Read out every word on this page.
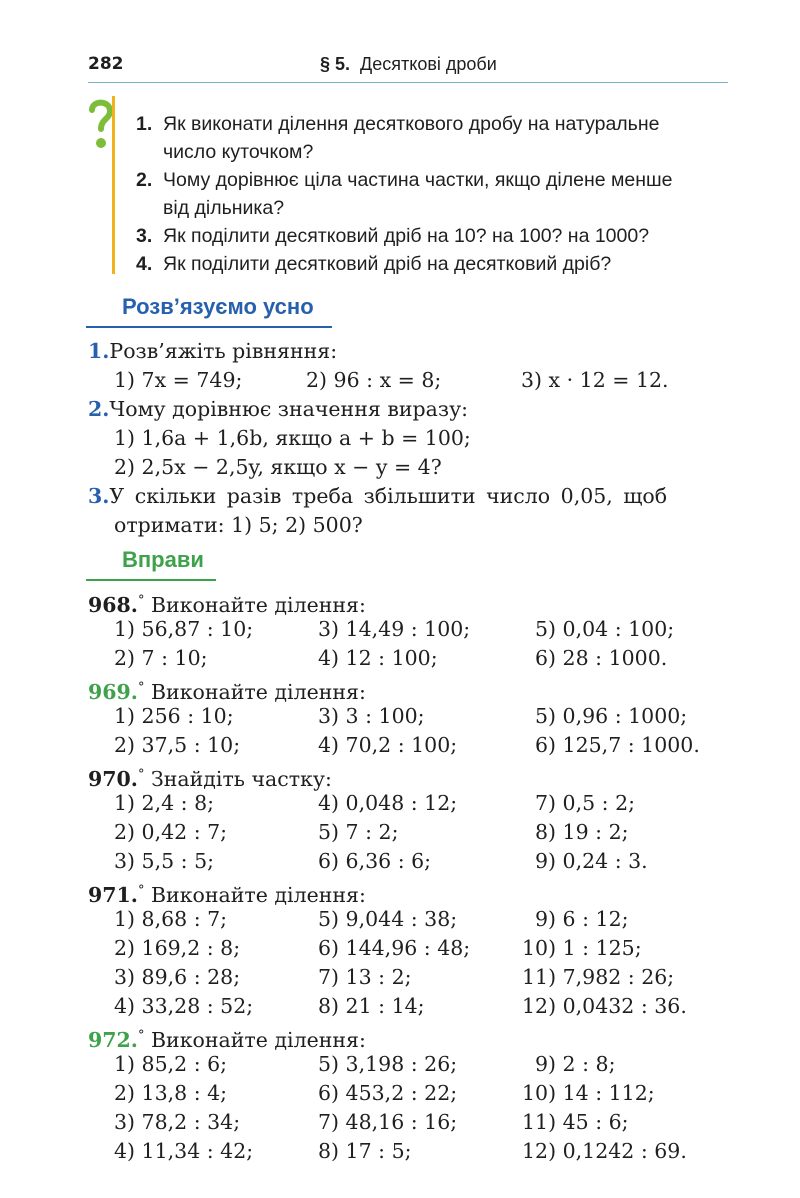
282	§ 5. Десяткові дроби
1. Як виконати ділення десяткового дробу на натуральне
число куточком?
2. Чому дорівнює ціла частина частки, якщо ділене менше
від дільника?
3. Як поділити десятковий дріб на 10? на 100? на 1000?
4. Як поділити десятковий дріб на десятковий дріб?
Розв’язуємо усно
1.Розв’яжіть рівняння:
1) 7x = 749;	2) 96 : x = 8;	3) x · 12 = 12.
2.Чому дорівнює значення виразу:
1) 1,6a + 1,6b, якщо a + b = 100;
2) 2,5x − 2,5y, якщо x − y = 4?
3.У скільки разів треба збільшити число 0,05, щоб
отримати: 1) 5; 2) 500?
Вправи
968.° Виконайте ділення:
1) 56,87 : 10;	3) 14,49 : 100;	5) 0,04 : 100;
2) 7 : 10;	4) 12 : 100;	6) 28 : 1000.
969.° Виконайте ділення:
1) 256 : 10;	3) 3 : 100;	5) 0,96 : 1000;
2) 37,5 : 10;	4) 70,2 : 100;	6) 125,7 : 1000.
970.° Знайдіть частку:
1) 2,4 : 8;	4) 0,048 : 12;	7) 0,5 : 2;
2) 0,42 : 7;	5) 7 : 2;	8) 19 : 2;
3) 5,5 : 5;	6) 6,36 : 6;	9) 0,24 : 3.
971.° Виконайте ділення:
1) 8,68 : 7;	5) 9,044 : 38;	9) 6 : 12;
2) 169,2 : 8;	6) 144,96 : 48;	10) 1 : 125;
3) 89,6 : 28;	7) 13 : 2;	11) 7,982 : 26;
4) 33,28 : 52;	8) 21 : 14;	12) 0,0432 : 36.
972.° Виконайте ділення:
1) 85,2 : 6;	5) 3,198 : 26;	9) 2 : 8;
2) 13,8 : 4;	6) 453,2 : 22;	10) 14 : 112;
3) 78,2 : 34;	7) 48,16 : 16;	11) 45 : 6;
4) 11,34 : 42;	8) 17 : 5;	12) 0,1242 : 69.
